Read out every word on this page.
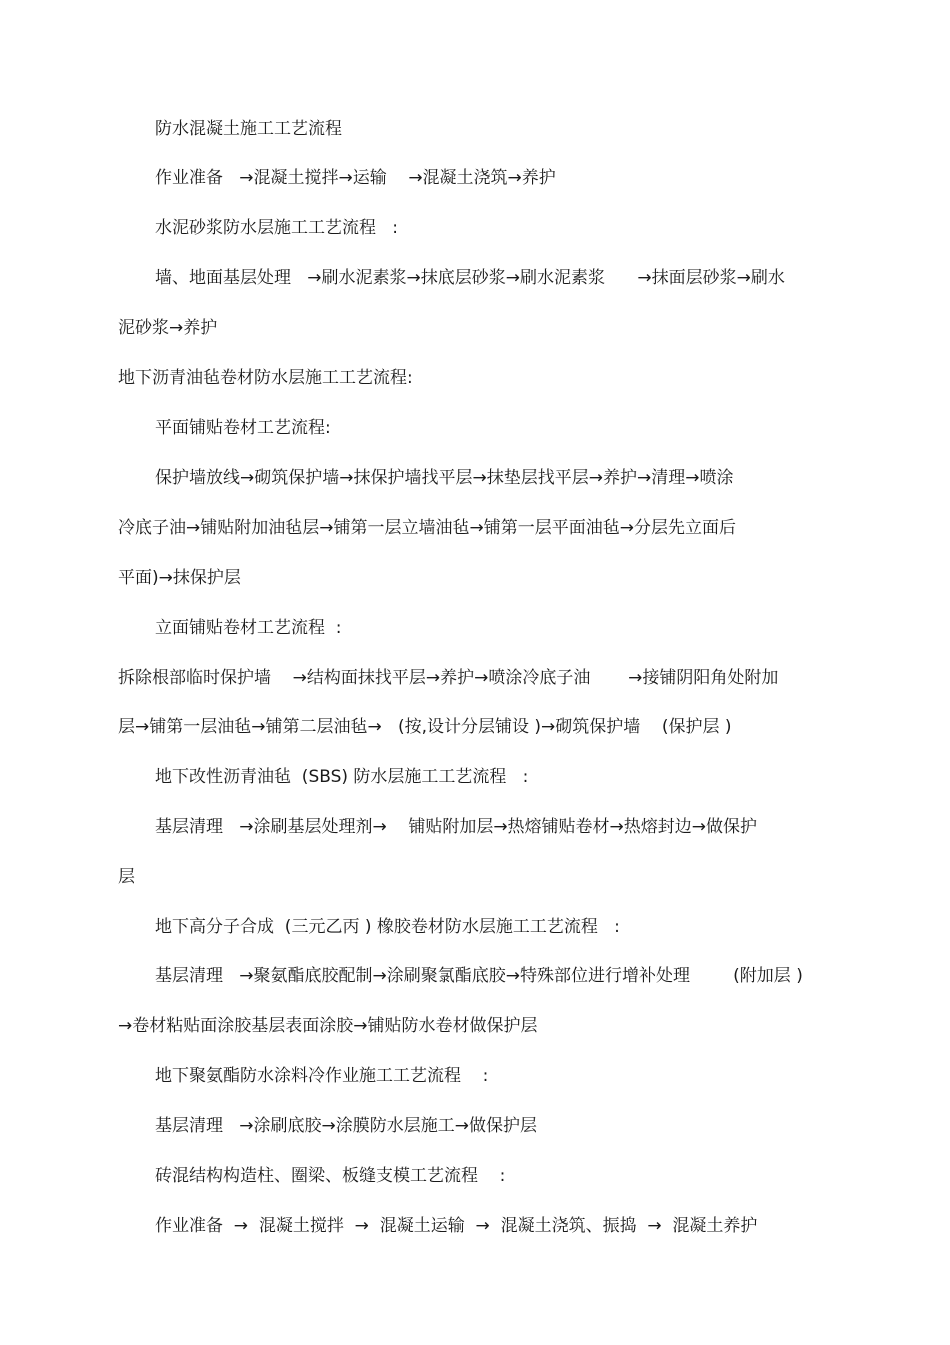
防水混凝土施工工艺流程

作业准备   →混凝土搅拌→运输    →混凝土浇筑→养护

水泥砂浆防水层施工工艺流程   :

墙、地面基层处理   →刷水泥素浆→抹底层砂浆→刷水泥素浆      →抹面层砂浆→刷水

泥砂浆→养护

地下沥青油毡卷材防水层施工工艺流程:

平面铺贴卷材工艺流程:

保护墙放线→砌筑保护墙→抹保护墙找平层→抹垫层找平层→养护→清理→喷涂

冷底子油→铺贴附加油毡层→铺第一层立墙油毡→铺第一层平面油毡→分层先立面后

平面)→抹保护层

立面铺贴卷材工艺流程  :

拆除根部临时保护墙    →结构面抹找平层→养护→喷涂冷底子油       →接铺阴阳角处附加

层→铺第一层油毡→铺第二层油毡→   (按,设计分层铺设 )→砌筑保护墙    (保护层 )

地下改性沥青油毡  (SBS) 防水层施工工艺流程   :

基层清理   →涂刷基层处理剂→    铺贴附加层→热熔铺贴卷材→热熔封边→做保护

层

地下高分子合成  (三元乙丙 ) 橡胶卷材防水层施工工艺流程   :

基层清理   →聚氨酯底胶配制→涂刷聚氯酯底胶→特殊部位进行增补处理        (附加层 )

→卷材粘贴面涂胶基层表面涂胶→铺贴防水卷材做保护层

地下聚氨酯防水涂料冷作业施工工艺流程    :

基层清理   →涂刷底胶→涂膜防水层施工→做保护层

砖混结构构造柱、圈梁、板缝支模工艺流程    :

作业准备  →  混凝土搅拌  →  混凝土运输  →  混凝土浇筑、振捣  →  混凝土养护
